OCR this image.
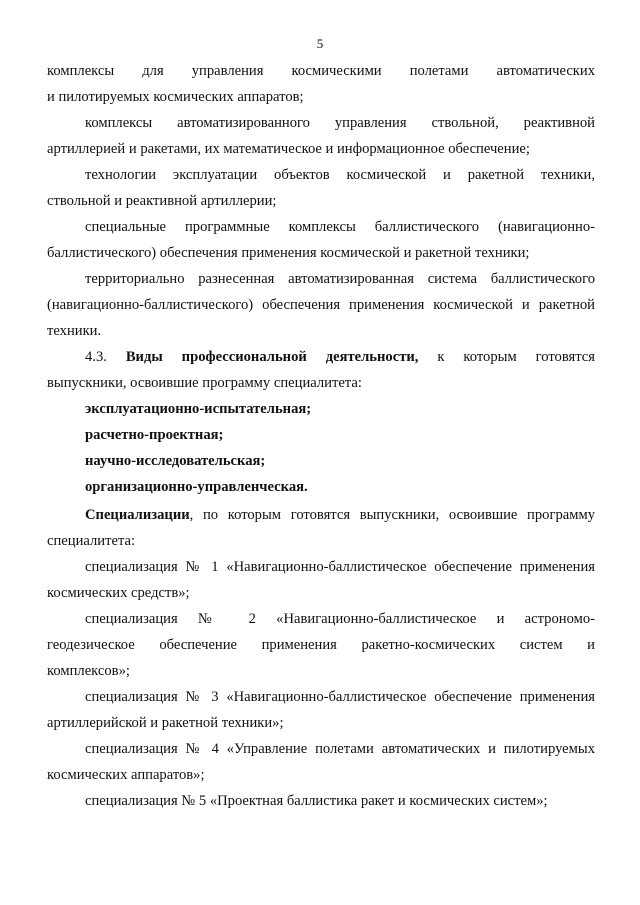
5
комплексы для управления космическими полетами автоматических
и пилотируемых космических аппаратов;
комплексы автоматизированного управления ствольной, реактивной
артиллерией и ракетами, их математическое и информационное обеспечение;
технологии эксплуатации объектов космической и ракетной техники,
ствольной и реактивной артиллерии;
специальные программные комплексы баллистического (навигационно-
баллистического) обеспечения применения космической и ракетной техники;
территориально разнесенная автоматизированная система баллистического
(навигационно-баллистического) обеспечения применения космической и ракетной
техники.
4.3. Виды профессиональной деятельности, к которым готовятся
выпускники, освоившие программу специалитета:
эксплуатационно-испытательная;
расчетно-проектная;
научно-исследовательская;
организационно-управленческая.
Специализации, по которым готовятся выпускники, освоившие программу
специалитета:
специализация № 1 «Навигационно-баллистическое обеспечение применения
космических средств»;
специализация № 2 «Навигационно-баллистическое и астрономо-
геодезическое обеспечение применения ракетно-космических систем и
комплексов»;
специализация № 3 «Навигационно-баллистическое обеспечение применения
артиллерийской и ракетной техники»;
специализация № 4 «Управление полетами автоматических и пилотируемых
космических аппаратов»;
специализация № 5 «Проектная баллистика ракет и космических систем»;
